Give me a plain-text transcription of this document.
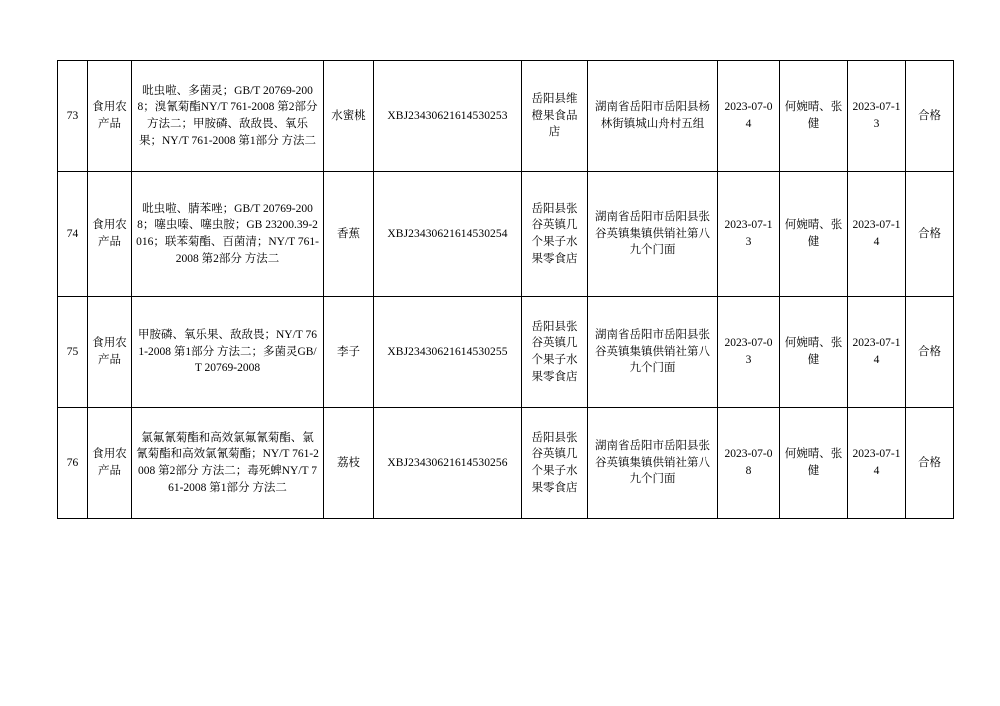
73	食用农产品	吡虫啦、多菌灵；GB/T 20769-2008；溴氰菊酯NY/T 761-2008 第2部分 方法二；甲胺磷、敌敌畏、氧乐果；NY/T 761-2008 第1部分 方法二	水蜜桃	XBJ23430621614530253	岳阳县维橙果食品店	湖南省岳阳市岳阳县杨林街镇城山舟村五组	2023-07-04	何婉晴、张健	2023-07-13	合格
74	食用农产品	吡虫啦、腈苯唑；GB/T 20769-2008；噻虫嗪、噻虫胺；GB 23200.39-2016；联苯菊酯、百菌清；NY/T 761-2008 第2部分 方法二	香蕉	XBJ23430621614530254	岳阳县张谷英镇几个果子水果零食店	湖南省岳阳市岳阳县张谷英镇集镇供销社第八九个门面	2023-07-13	何婉晴、张健	2023-07-14	合格
75	食用农产品	甲胺磷、氧乐果、敌敌畏；NY/T 761-2008 第1部分 方法二；多菌灵GB/T 20769-2008	李子	XBJ23430621614530255	岳阳县张谷英镇几个果子水果零食店	湖南省岳阳市岳阳县张谷英镇集镇供销社第八九个门面	2023-07-03	何婉晴、张健	2023-07-14	合格
76	食用农产品	氯氟氰菊酯和高效氯氟氰菊酯、氯氰菊酯和高效氯氰菊酯；NY/T 761-2008 第2部分 方法二；毒死蜱NY/T 761-2008 第1部分 方法二	荔枝	XBJ23430621614530256	岳阳县张谷英镇几个果子水果零食店	湖南省岳阳市岳阳县张谷英镇集镇供销社第八九个门面	2023-07-08	何婉晴、张健	2023-07-14	合格
